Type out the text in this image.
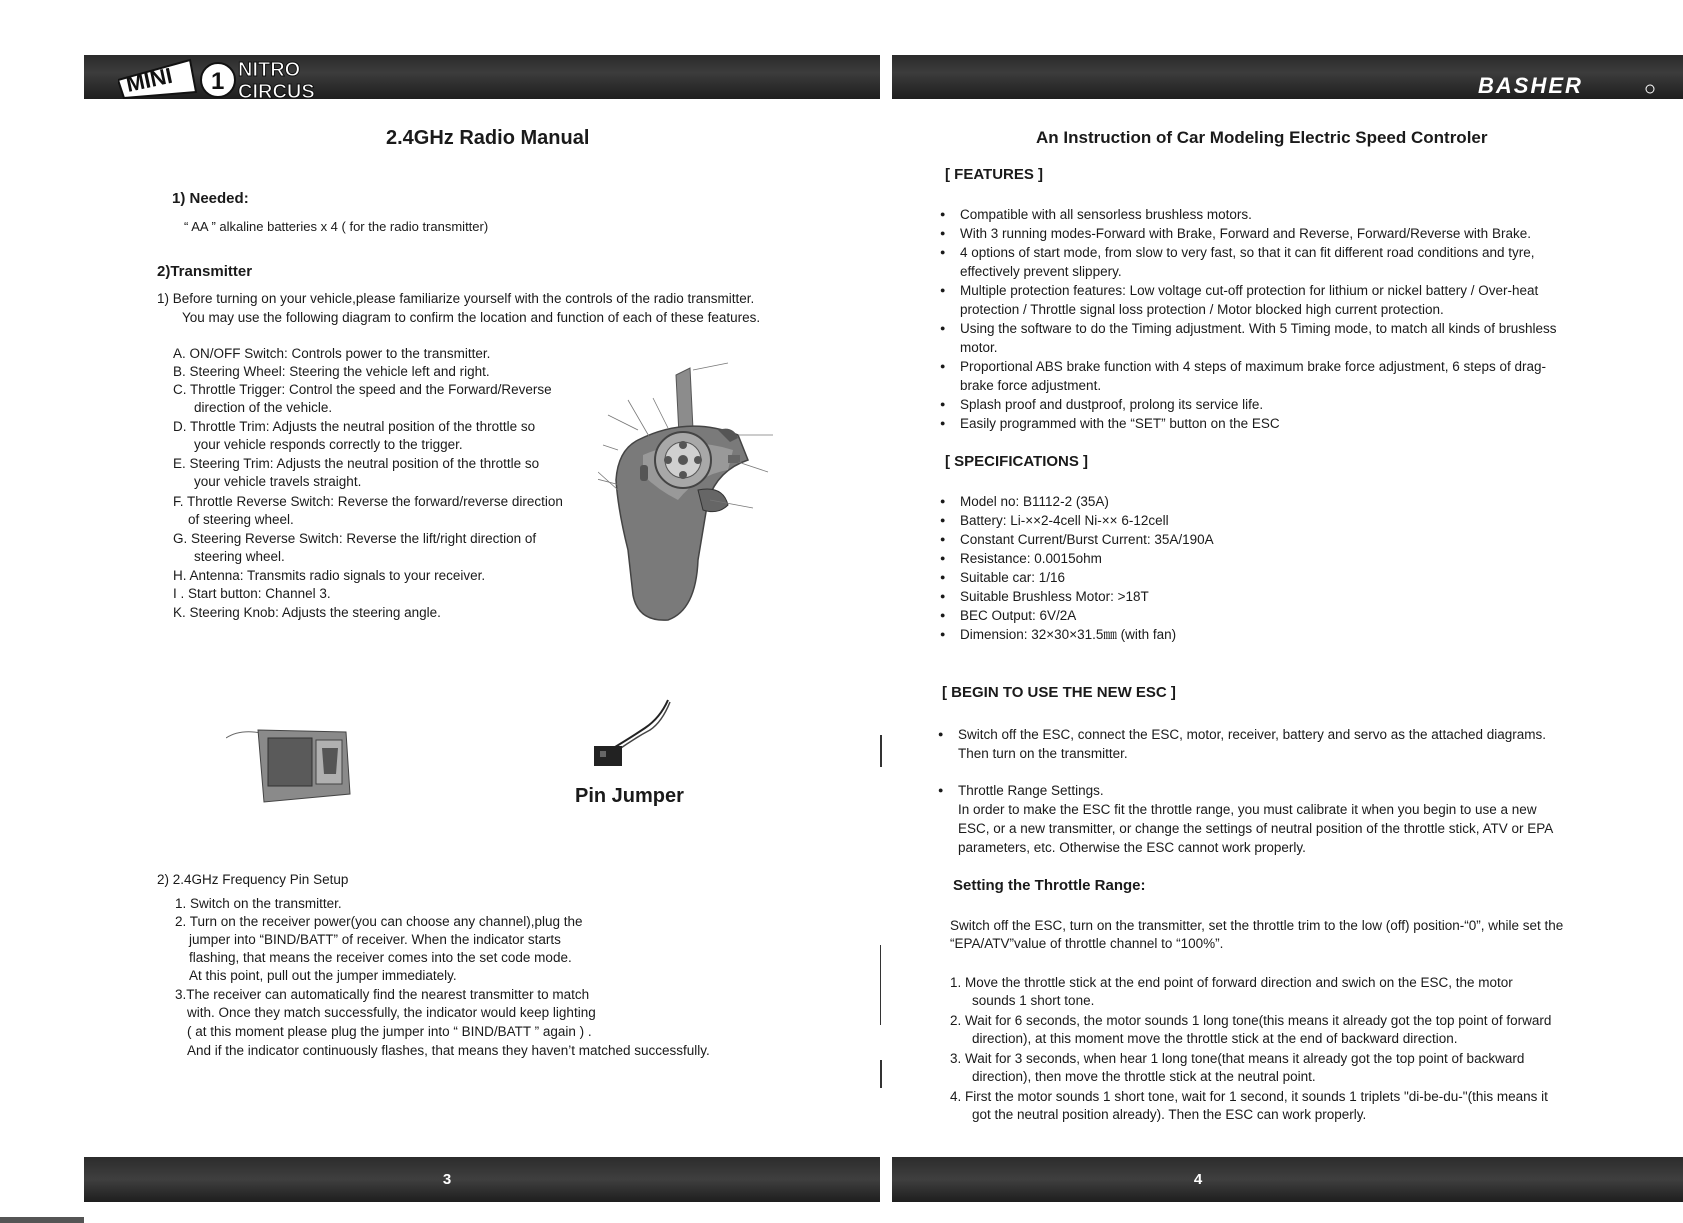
MINI 1 NITRO
CIRCUS	BASHER
2.4GHz Radio Manual
1) Needed:
“ AA ” alkaline batteries x 4 ( for the radio transmitter)
2)Transmitter
1) Before turning on your vehicle,please familiarize yourself with the controls of the radio transmitter.
You may use the following diagram to confirm the location and function of each of these features.
A. ON/OFF Switch: Controls power to the transmitter.
B. Steering Wheel: Steering the vehicle left and right.
C. Throttle Trigger: Control the speed and the Forward/Reverse
direction of the vehicle.
D. Throttle Trim: Adjusts the neutral position of the throttle so
your vehicle responds correctly to the trigger.
E. Steering Trim: Adjusts the neutral position of the throttle so
your vehicle travels straight.
F. Throttle Reverse Switch: Reverse the forward/reverse direction
of steering wheel.
G. Steering Reverse Switch: Reverse the lift/right direction of
steering wheel.
H. Antenna: Transmits radio signals to your receiver.
I . Start button: Channel 3.
K. Steering Knob: Adjusts the steering angle.
Pin Jumper
2) 2.4GHz Frequency Pin Setup
1. Switch on the transmitter.
2. Turn on the receiver power(you can choose any channel),plug the
jumper into “BIND/BATT” of receiver. When the indicator starts
flashing, that means the receiver comes into the set code mode.
At this point, pull out the jumper immediately.
3.The receiver can automatically find the nearest transmitter to match
with. Once they match successfully, the indicator would keep lighting
( at this moment please plug the jumper into “ BIND/BATT ” again ) .
And if the indicator continuously flashes, that means they haven’t matched successfully.
An Instruction of Car Modeling Electric Speed Controler
[ FEATURES ]
● Compatible with all sensorless brushless motors.
● With 3 running modes-Forward with Brake, Forward and Reverse, Forward/Reverse with Brake.
● 4 options of start mode, from slow to very fast, so that it can fit different road conditions and tyre, effectively prevent slippery.
● Multiple protection features: Low voltage cut-off protection for lithium or nickel battery / Over-heat protection / Throttle signal loss protection / Motor blocked high current protection.
● Using the software to do the Timing adjustment. With 5 Timing mode, to match all kinds of brushless motor.
● Proportional ABS brake function with 4 steps of maximum brake force adjustment, 6 steps of drag-brake force adjustment.
● Splash proof and dustproof, prolong its service life.
● Easily programmed with the “SET” button on the ESC
[ SPECIFICATIONS ]
● Model no: B1112-2 (35A)
● Battery: Li-××2-4cell Ni-×× 6-12cell
● Constant Current/Burst Current: 35A/190A
● Resistance: 0.0015ohm
● Suitable car: 1/16
● Suitable Brushless Motor: >18T
● BEC Output: 6V/2A
● Dimension: 32×30×31.5㎜ (with fan)
[ BEGIN TO USE THE NEW ESC ]
● Switch off the ESC, connect the ESC, motor, receiver, battery and servo as the attached diagrams.
Then turn on the transmitter.
● Throttle Range Settings.
In order to make the ESC fit the throttle range, you must calibrate it when you begin to use a new
ESC, or a new transmitter, or change the settings of neutral position of the throttle stick, ATV or EPA
parameters, etc. Otherwise the ESC cannot work properly.
Setting the Throttle Range:
Switch off the ESC, turn on the transmitter, set the throttle trim to the low (off) position-“0”, while set the
“EPA/ATV”value of throttle channel to “100%”.
1. Move the throttle stick at the end point of forward direction and swich on the ESC, the motor
sounds 1 short tone.
2. Wait for 6 seconds, the motor sounds 1 long tone(this means it already got the top point of forward
direction), at this moment move the throttle stick at the end of backward direction.
3. Wait for 3 seconds, when hear 1 long tone(that means it already got the top point of backward
direction), then move the throttle stick at the neutral point.
4. First the motor sounds 1 short tone, wait for 1 second, it sounds 1 triplets "di-be-du-"(this means it
got the neutral position already). Then the ESC can work properly.
3	4
